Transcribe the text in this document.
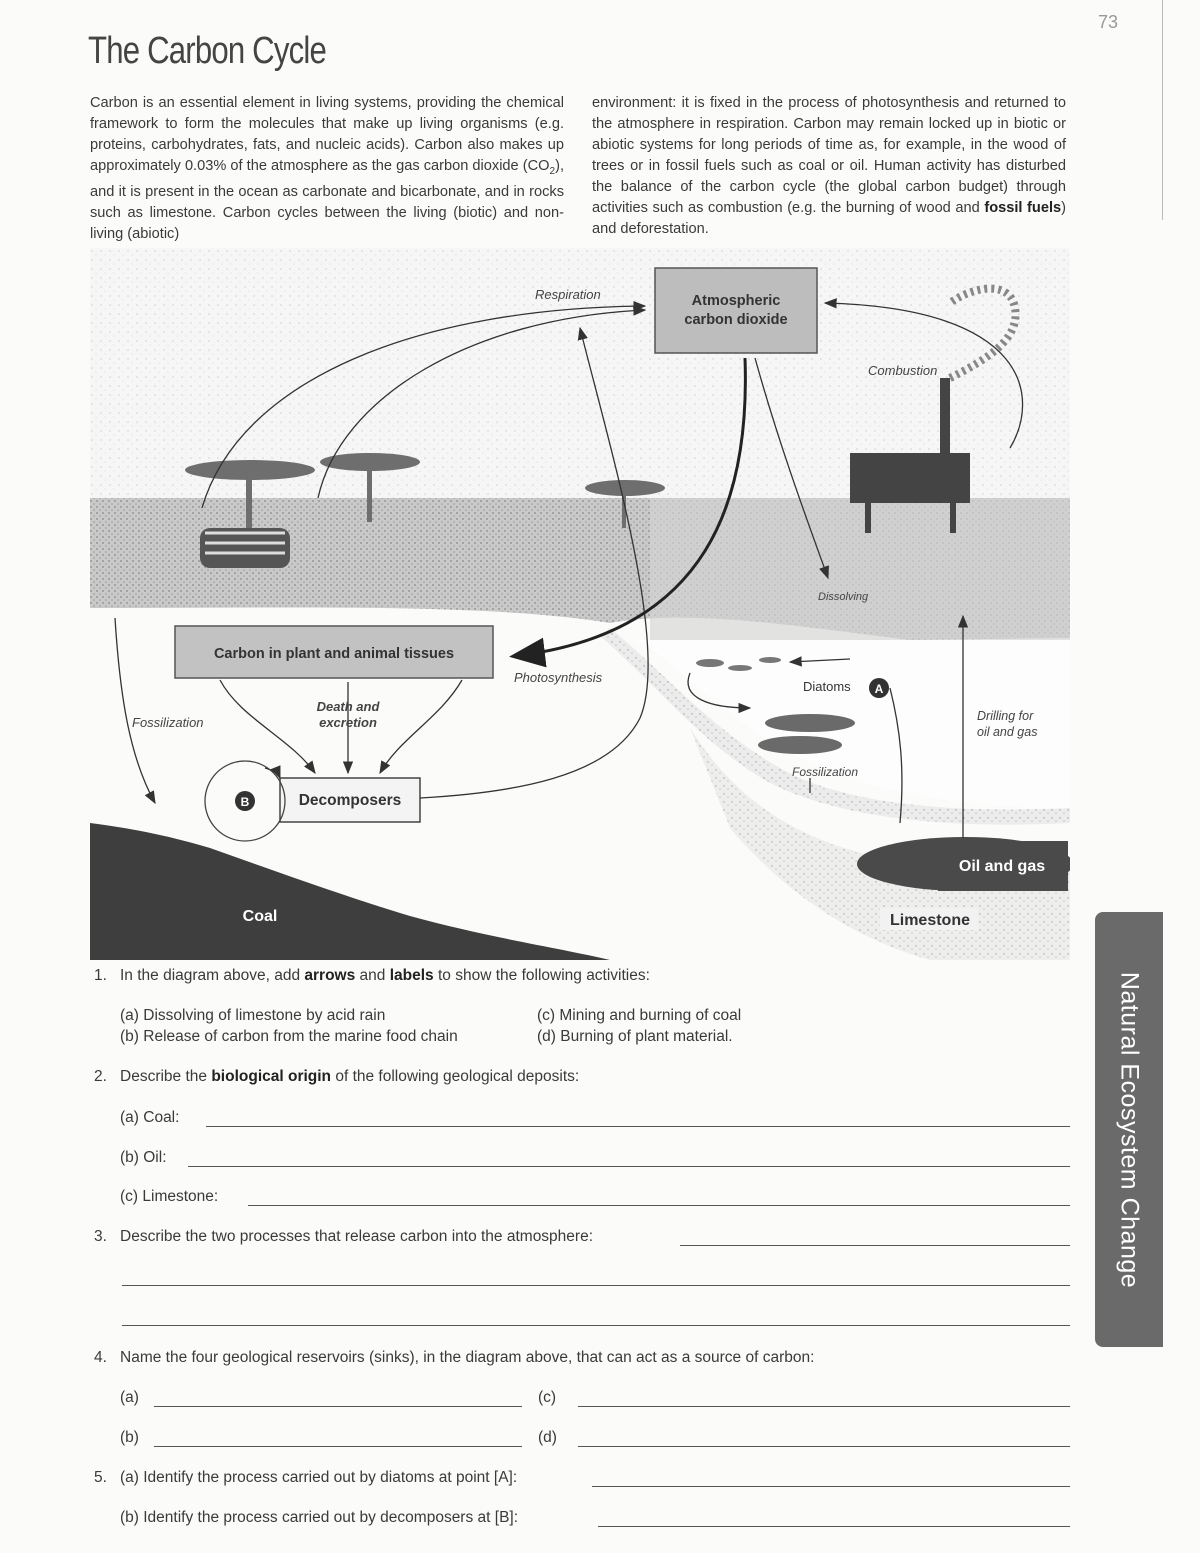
73
The Carbon Cycle
Carbon is an essential element in living systems, providing the chemical framework to form the molecules that make up living organisms (e.g. proteins, carbohydrates, fats, and nucleic acids). Carbon also makes up approximately 0.03% of the atmosphere as the gas carbon dioxide $(CO_2)$, and it is present in the ocean as carbonate and bicarbonate, and in rocks such as limestone. Carbon cycles between the living (biotic) and non-living (abiotic)
environment: it is fixed in the process of photosynthesis and returned to the atmosphere in respiration. Carbon may remain locked up in biotic or abiotic systems for long periods of time as, for example, in the wood of trees or in fossil fuels such as coal or oil. Human activity has disturbed the balance of the carbon cycle (the global carbon budget) through activities such as combustion (e.g. the burning of wood and fossil fuels) and deforestation.
Atmospheric
carbon dioxide
Carbon in plant and animal tissues
Decomposers
B
A
Respiration
Combustion
Dissolving
Photosynthesis
Fossilization
Death and
excretion
Fossilization
Drilling for
oil and gas
Diatoms
Oil and gas
Limestone
Coal
Natural Ecosystem Change
1. In the diagram above, add arrows and labels to show the following activities:
(a) Dissolving of limestone by acid rain
(b) Release of carbon from the marine food chain
(c) Mining and burning of coal
(d) Burning of plant material.
2. Describe the biological origin of the following geological deposits:
(a) Coal:
(b) Oil:
(c) Limestone:
3. Describe the two processes that release carbon into the atmosphere:
4. Name the four geological reservoirs (sinks), in the diagram above, that can act as a source of carbon:
(a)	(c)
(b)	(d)
5. (a) Identify the process carried out by diatoms at point [A]:
(b) Identify the process carried out by decomposers at [B]:
